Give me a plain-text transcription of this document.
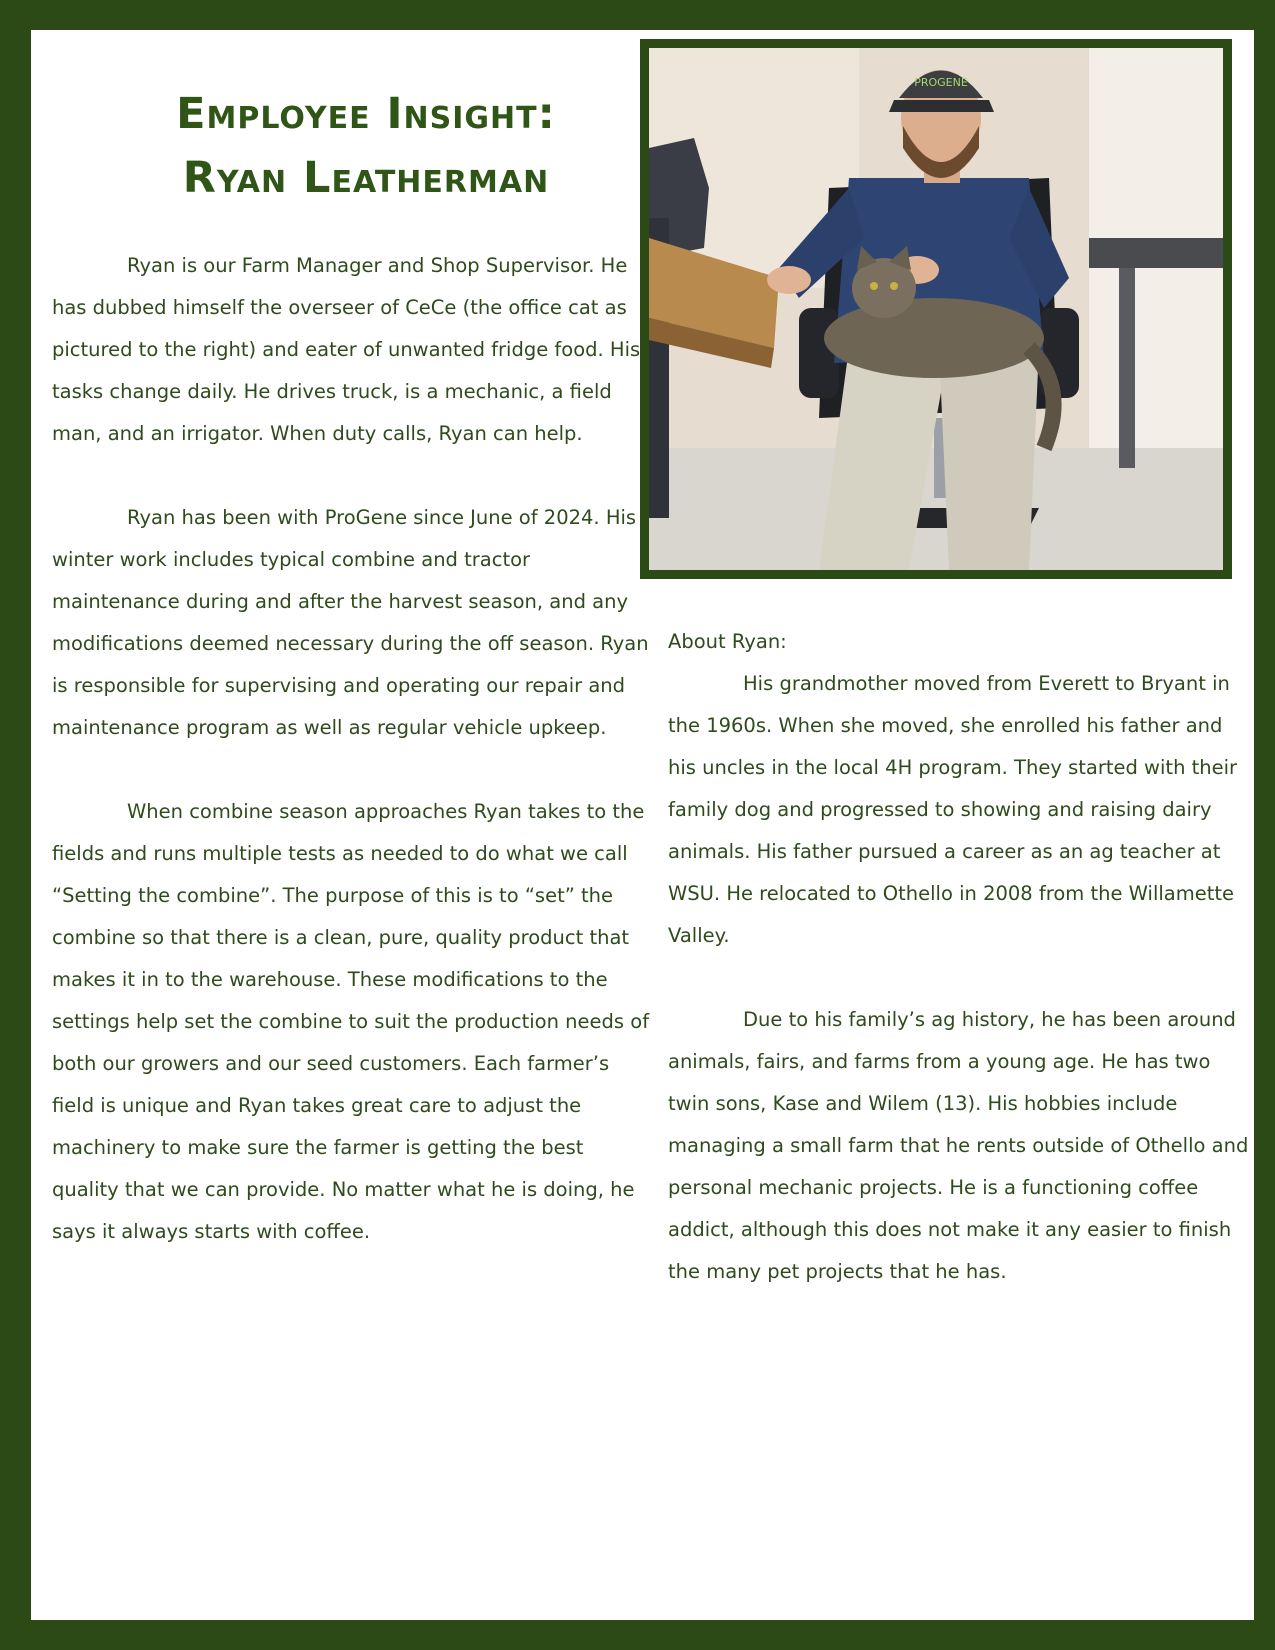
Employee Insight:
Ryan Leatherman

Ryan is our Farm Manager and Shop Supervisor. He has dubbed himself the overseer of CeCe (the office cat as pictured to the right) and eater of unwanted fridge food. His tasks change daily. He drives truck, is a mechanic, a field man, and an irrigator. When duty calls, Ryan can help.

Ryan has been with ProGene since June of 2024. His winter work includes typical combine and tractor maintenance during and after the harvest season, and any modifications deemed necessary during the off season. Ryan is responsible for supervising and operating our repair and maintenance program as well as regular vehicle upkeep.

When combine season approaches Ryan takes to the fields and runs multiple tests as needed to do what we call “Setting the combine”. The purpose of this is to “set” the combine so that there is a clean, pure, quality product that makes it in to the warehouse. These modifications to the settings help set the combine to suit the production needs of both our growers and our seed customers. Each farmer’s field is unique and Ryan takes great care to adjust the machinery to make sure the farmer is getting the best quality that we can provide. No matter what he is doing, he says it always starts with coffee.

PROGENE
About Ryan:

His grandmother moved from Everett to Bryant in the 1960s. When she moved, she enrolled his father and his uncles in the local 4H program. They started with their family dog and progressed to showing and raising dairy animals. His father pursued a career as an ag teacher at WSU. He relocated to Othello in 2008 from the Willamette Valley.

Due to his family’s ag history, he has been around animals, fairs, and farms from a young age. He has two twin sons, Kase and Wilem (13). His hobbies include managing a small farm that he rents outside of Othello and personal mechanic projects. He is a functioning coffee addict, although this does not make it any easier to finish the many pet projects that he has.
